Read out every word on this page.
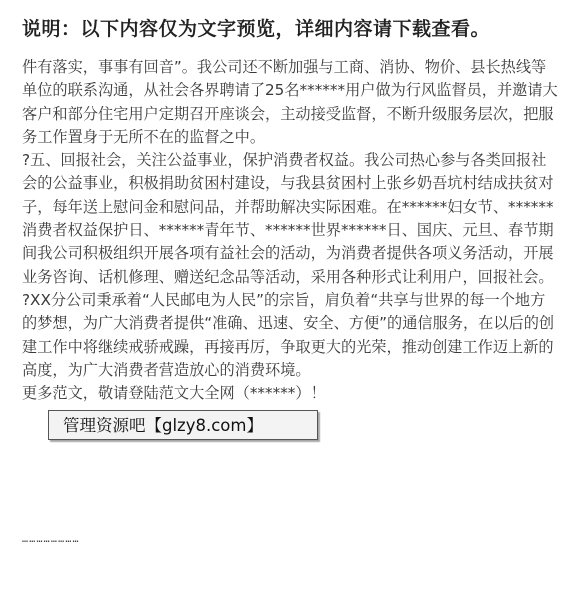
说明：以下内容仅为文字预览，详细内容请下载查看。

件有落实，事事有回音”。我公司还不断加强与工商、消协、物价、县长热线等单位的联系沟通，从社会各界聘请了25名******用户做为行风监督员，并邀请大客户和部分住宅用户定期召开座谈会，主动接受监督，不断升级服务层次，把服务工作置身于无所不在的监督之中。

?五、回报社会，关注公益事业，保护消费者权益。我公司热心参与各类回报社会的公益事业，积极捐助贫困村建设，与我县贫困村上张乡奶吾坑村结成扶贫对子，每年送上慰问金和慰问品，并帮助解决实际困难。在******妇女节、******消费者权益保护日、******青年节、******世界******日、国庆、元旦、春节期间我公司积极组织开展各项有益社会的活动，为消费者提供各项义务活动，开展业务咨询、话机修理、赠送纪念品等活动，采用各种形式让利用户，回报社会。

?XX分公司秉承着“人民邮电为人民”的宗旨，肩负着“共享与世界的每一个地方的梦想，为广大消费者提供“准确、迅速、安全、方便”的通信服务，在以后的创建工作中将继续戒骄戒躁，再接再厉，争取更大的光荣，推动创建工作迈上新的高度，为广大消费者营造放心的消费环境。

更多范文，敬请登陆范文大全网（******）！

……………………
管理资源吧【glzy8.com】
